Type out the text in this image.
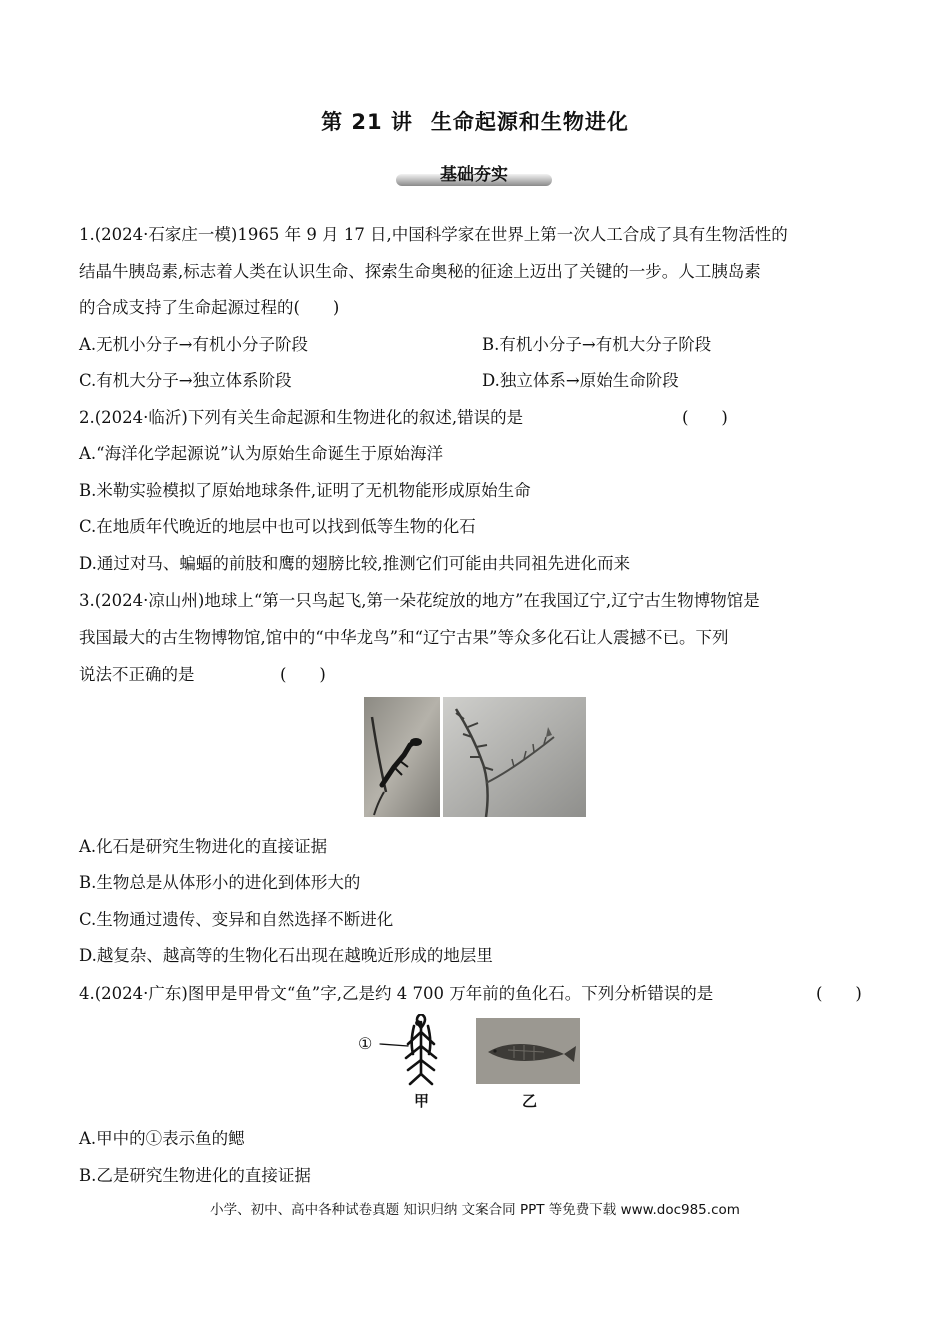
第 21 讲 生命起源和生物进化
基础夯实
1.(2024·石家庄一模)1965 年 9 月 17 日,中国科学家在世界上第一次人工合成了具有生物活性的
结晶牛胰岛素,标志着人类在认识生命、探索生命奥秘的征途上迈出了关键的一步。人工胰岛素
的合成支持了生命起源过程的(　　)
A.无机小分子→有机小分子阶段	B.有机小分子→有机大分子阶段
C.有机大分子→独立体系阶段	D.独立体系→原始生命阶段
2.(2024·临沂)下列有关生命起源和生物进化的叙述,错误的是	(　　)
A.“海洋化学起源说”认为原始生命诞生于原始海洋
B.米勒实验模拟了原始地球条件,证明了无机物能形成原始生命
C.在地质年代晚近的地层中也可以找到低等生物的化石
D.通过对马、蝙蝠的前肢和鹰的翅膀比较,推测它们可能由共同祖先进化而来
3.(2024·凉山州)地球上“第一只鸟起飞,第一朵花绽放的地方”在我国辽宁,辽宁古生物博物馆是
我国最大的古生物博物馆,馆中的“中华龙鸟”和“辽宁古果”等众多化石让人震撼不已。下列
说法不正确的是	(　　)
A.化石是研究生物进化的直接证据
B.生物总是从体形小的进化到体形大的
C.生物通过遗传、变异和自然选择不断进化
D.越复杂、越高等的生物化石出现在越晚近形成的地层里
4.(2024·广东)图甲是甲骨文“鱼”字,乙是约 4 700 万年前的鱼化石。下列分析错误的是	(　　)
①
甲	乙
A.甲中的①表示鱼的鳃
B.乙是研究生物进化的直接证据
小学、初中、高中各种试卷真题 知识归纳 文案合同 PPT 等免费下载 www.doc985.com
